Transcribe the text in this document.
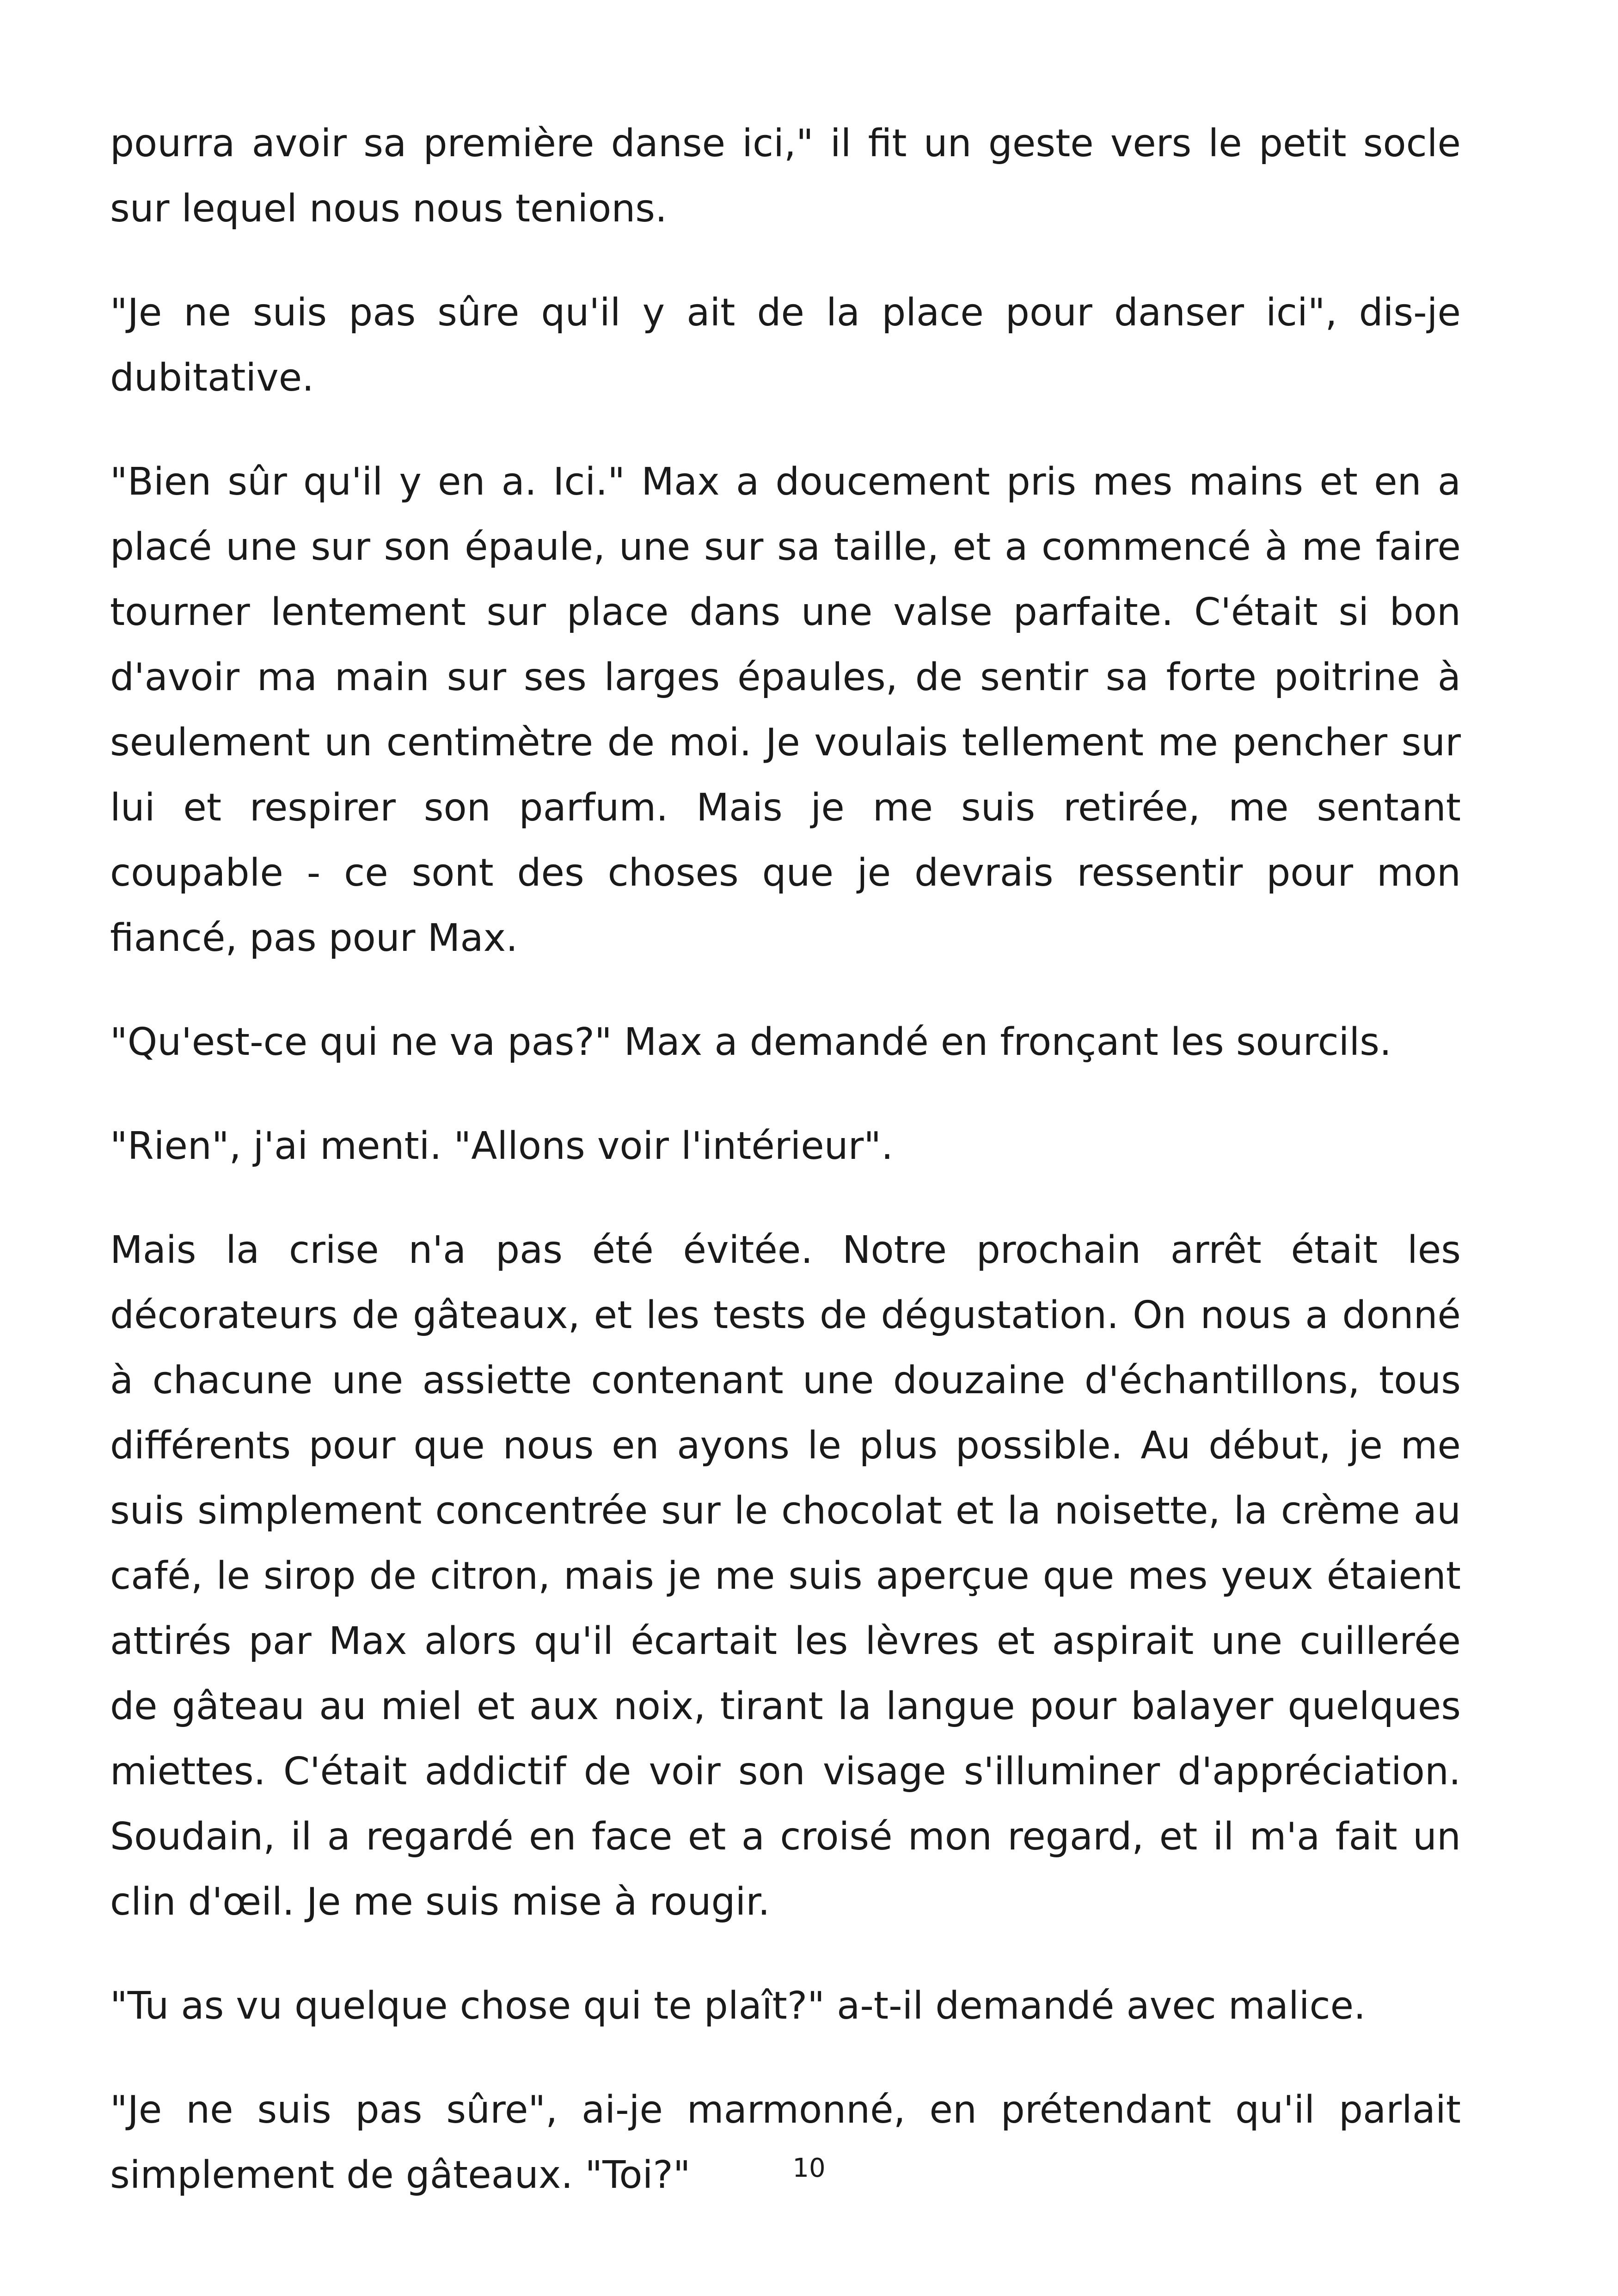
pourra avoir sa première danse ici," il fit un geste vers le petit socle sur lequel nous nous tenions.

"Je ne suis pas sûre qu'il y ait de la place pour danser ici", dis-je dubitative.

"Bien sûr qu'il y en a. Ici." Max a doucement pris mes mains et en a placé une sur son épaule, une sur sa taille, et a commencé à me faire tourner lentement sur place dans une valse parfaite. C'était si bon d'avoir ma main sur ses larges épaules, de sentir sa forte poitrine à seulement un centimètre de moi. Je voulais tellement me pencher sur lui et respirer son parfum. Mais je me suis retirée, me sentant coupable - ce sont des choses que je devrais ressentir pour mon fiancé, pas pour Max.

"Qu'est-ce qui ne va pas?" Max a demandé en fronçant les sourcils.

"Rien", j'ai menti. "Allons voir l'intérieur".

Mais la crise n'a pas été évitée. Notre prochain arrêt était les décorateurs de gâteaux, et les tests de dégustation. On nous a donné à chacune une assiette contenant une douzaine d'échantillons, tous différents pour que nous en ayons le plus possible. Au début, je me suis simplement concentrée sur le chocolat et la noisette, la crème au café, le sirop de citron, mais je me suis aperçue que mes yeux étaient attirés par Max alors qu'il écartait les lèvres et aspirait une cuillerée de gâteau au miel et aux noix, tirant la langue pour balayer quelques miettes. C'était addictif de voir son visage s'illuminer d'appréciation. Soudain, il a regardé en face et a croisé mon regard, et il m'a fait un clin d'œil. Je me suis mise à rougir.

"Tu as vu quelque chose qui te plaît?" a-t-il demandé avec malice.

"Je ne suis pas sûre", ai-je marmonné, en prétendant qu'il parlait simplement de gâteaux. "Toi?"	10
